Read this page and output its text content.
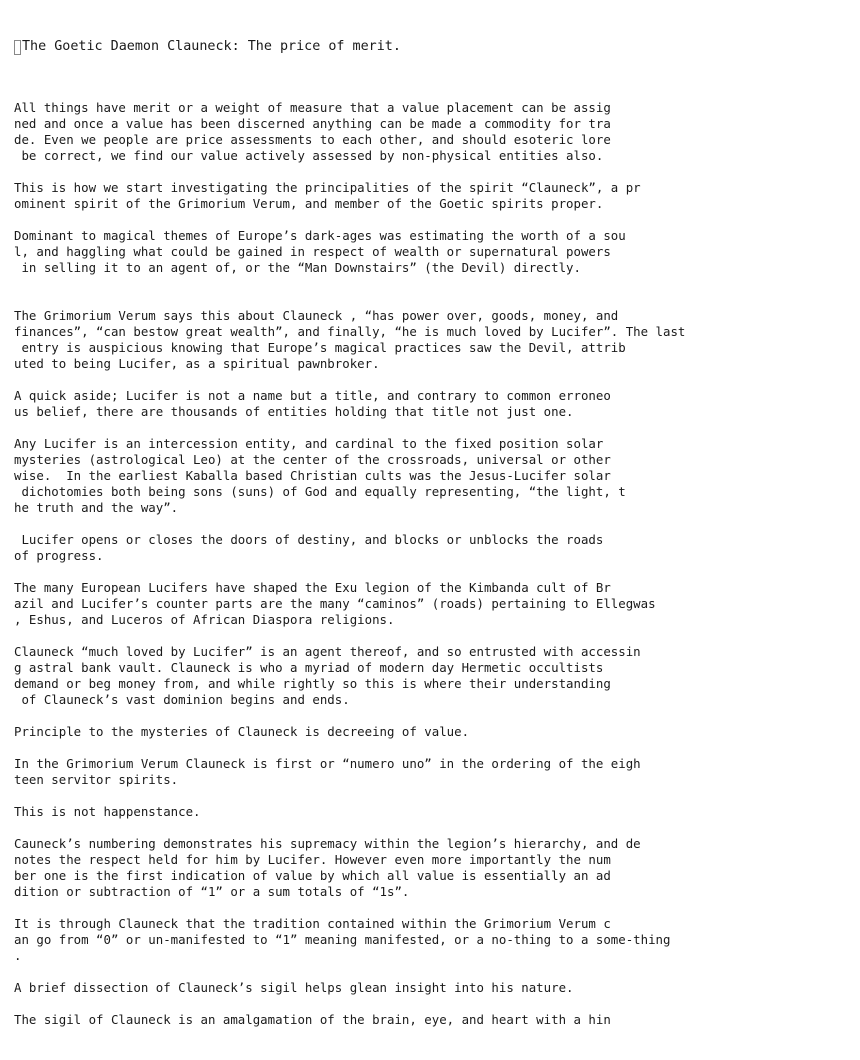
The Goetic Daemon Clauneck: The price of merit.

All things have merit or a weight of measure that a value placement can be assig
ned and once a value has been discerned anything can be made a commodity for tra
de. Even we people are price assessments to each other, and should esoteric lore
be correct, we find our value actively assessed by non-physical entities also.
This is how we start investigating the principalities of the spirit “Clauneck”, a pr
ominent spirit of the Grimorium Verum, and member of the Goetic spirits proper.
Dominant to magical themes of Europe’s dark-ages was estimating the worth of a sou
l, and haggling what could be gained in respect of wealth or supernatural powers
in selling it to an agent of, or the “Man Downstairs” (the Devil) directly.
The Grimorium Verum says this about Clauneck , “has power over, goods, money, and
finances”, “can bestow great wealth”, and finally, “he is much loved by Lucifer”. The last
entry is auspicious knowing that Europe’s magical practices saw the Devil, attrib
uted to being Lucifer, as a spiritual pawnbroker.
A quick aside; Lucifer is not a name but a title, and contrary to common erroneo
us belief, there are thousands of entities holding that title not just one.
Any Lucifer is an intercession entity, and cardinal to the fixed position solar
mysteries (astrological Leo) at the center of the crossroads, universal or other
wise.  In the earliest Kaballa based Christian cults was the Jesus-Lucifer solar
dichotomies both being sons (suns) of God and equally representing, “the light, t
he truth and the way”.
Lucifer opens or closes the doors of destiny, and blocks or unblocks the roads
of progress.
The many European Lucifers have shaped the Exu legion of the Kimbanda cult of Br
azil and Lucifer’s counter parts are the many “caminos” (roads) pertaining to Ellegwas
, Eshus, and Luceros of African Diaspora religions.
Clauneck “much loved by Lucifer” is an agent thereof, and so entrusted with accessin
g astral bank vault. Clauneck is who a myriad of modern day Hermetic occultists
demand or beg money from, and while rightly so this is where their understanding
of Clauneck’s vast dominion begins and ends.
Principle to the mysteries of Clauneck is decreeing of value.
In the Grimorium Verum Clauneck is first or “numero uno” in the ordering of the eigh
teen servitor spirits.
This is not happenstance.
Cauneck’s numbering demonstrates his supremacy within the legion’s hierarchy, and de
notes the respect held for him by Lucifer. However even more importantly the num
ber one is the first indication of value by which all value is essentially an ad
dition or subtraction of “1” or a sum totals of “1s”.
It is through Clauneck that the tradition contained within the Grimorium Verum c
an go from “0” or un-manifested to “1” meaning manifested, or a no-thing to a some-thing
.
A brief dissection of Clauneck’s sigil helps glean insight into his nature.
The sigil of Clauneck is an amalgamation of the brain, eye, and heart with a hin
